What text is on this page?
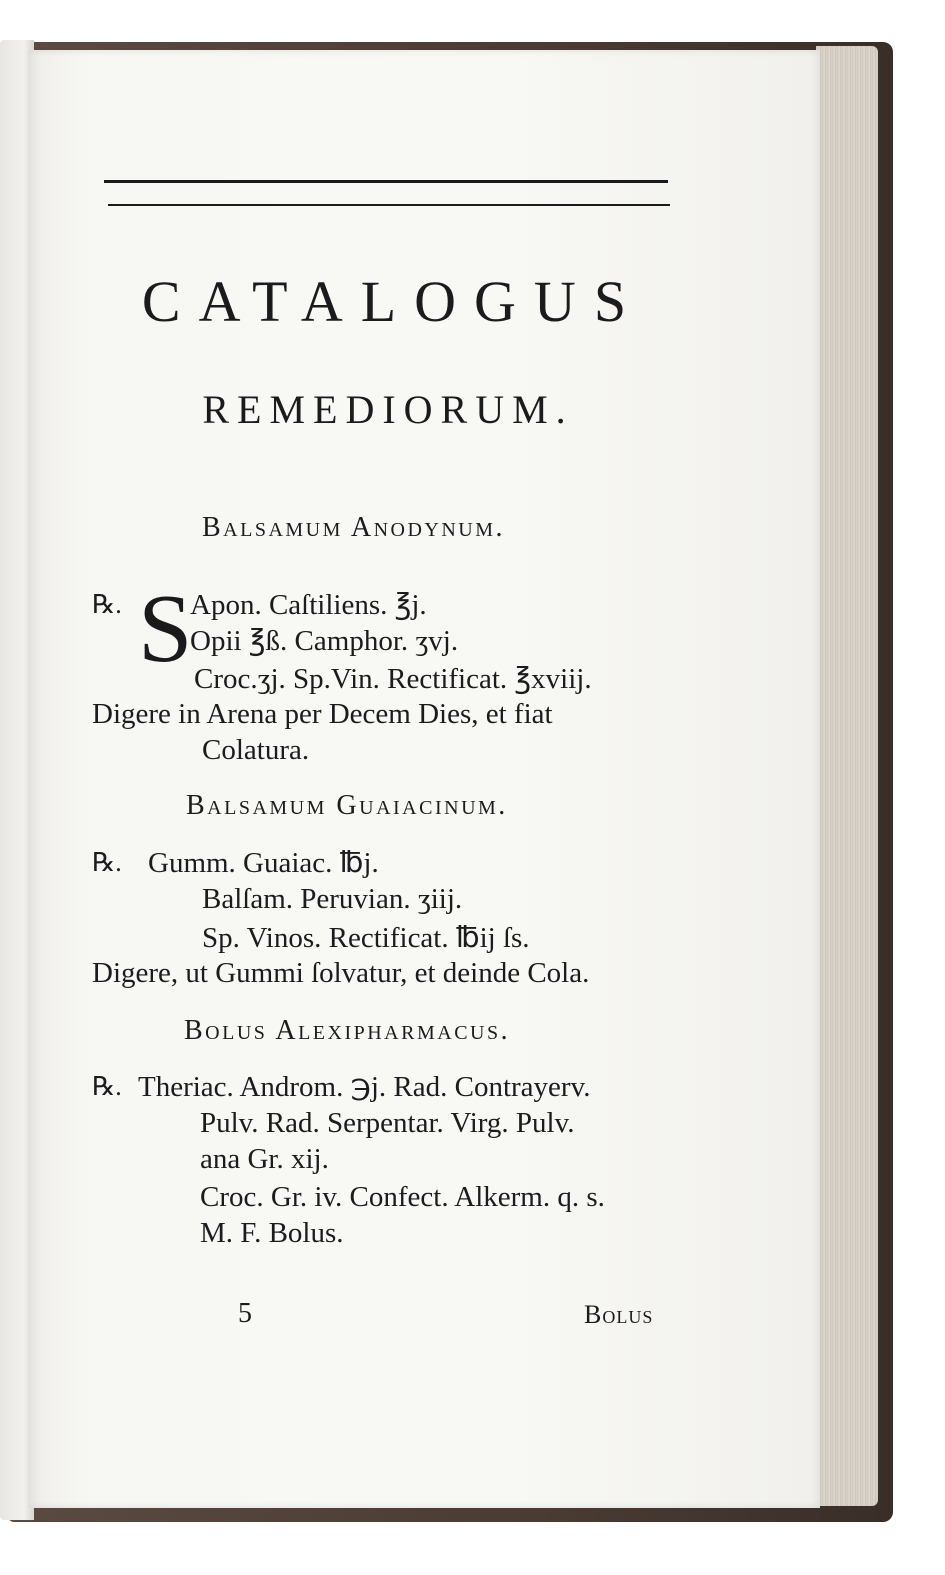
CATALOGUS
REMEDIORUM.
Balsamum Anodynum.
℞. S
Apon. Caſtiliens. ℥j.
Opii ℥ß. Camphor. ʒvj.
Croc.ʒj. Sp.Vin. Rectificat. ℥xviij.
Digere in Arena per Decem Dies, et fiat
Colatura.
Balsamum Guaiacinum.
℞. Gumm. Guaiac. ℔j.
Balſam. Peruvian. ʒiij.
Sp. Vinos. Rectificat. ℔ij ſs.
Digere, ut Gummi ſolvatur, et deinde Cola.
Bolus Alexipharmacus.
℞. Theriac. Androm. ℈j. Rad. Contrayerv.
Pulv. Rad. Serpentar. Virg. Pulv.
ana Gr. xij.
Croc. Gr. iv. Confect. Alkerm. q. s.
M. F. Bolus.
5	Bolus
